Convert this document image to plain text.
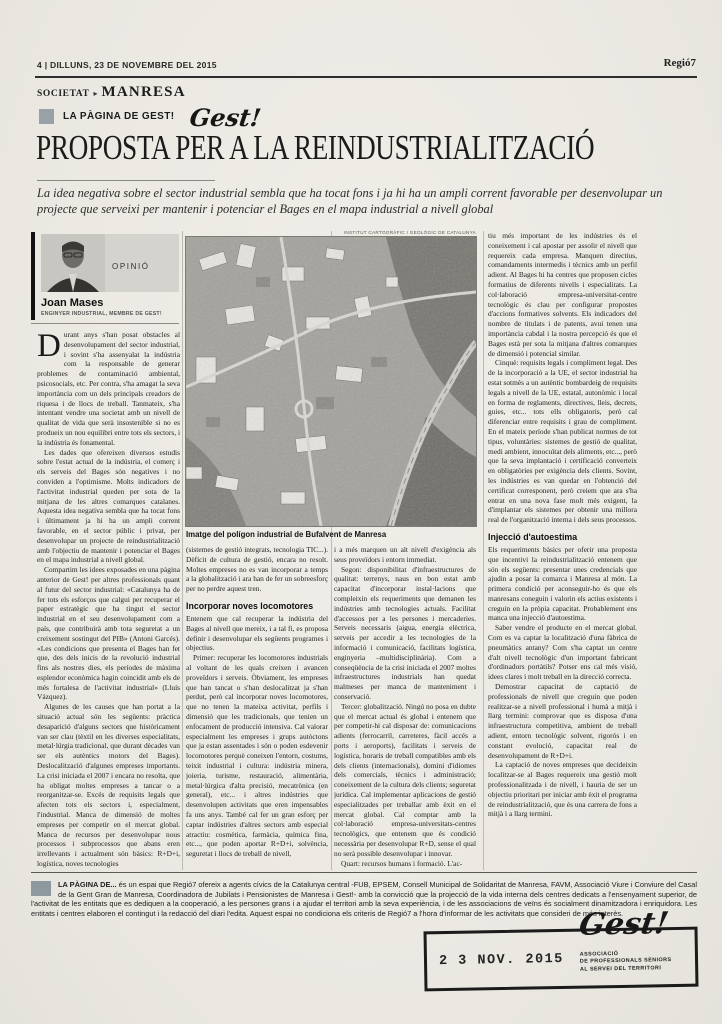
4 | DILLUNS, 23 DE NOVEMBRE DEL 2015	Regió7
SOCIETAT ▸ MANRESA
LA PÀGINA DE GEST! Gest!
PROPOSTA PER A LA REINDUSTRIALITZACIÓ
La idea negativa sobre el sector industrial sembla que ha tocat fons i ja hi ha un ampli corrent favorable per desenvolupar un projecte que serveixi per mantenir i potenciar el Bages en el mapa industrial a nivell global
OPINIÓ
Joan Mases
ENGINYER INDUSTRIAL, MEMBRE DE GEST!
INSTITUT CARTOGRÀFIC I GEOLÒGIC DE CATALUNYA
Imatge del polígon industrial de Bufalvent de Manresa

Durant anys s'han posat obstacles al desenvolupament del sector industrial, i sovint s'ha assenyalat la indústria com la responsable de generar problemes de contaminació ambiental, psicosocials, etc. Per contra, s'ha amagat la seva importància com un dels principals creadors de riquesa i de llocs de treball. Tanmateix, s'ha intentant vendre una societat amb un nivell de qualitat de vida que serà insostenible si no es produeix un nou equilibri entre tots els sectors, i la indústria és fonamental.

Les dades que ofereixen diversos estudis sobre l'estat actual de la indústria, el comerç i els serveis del Bages són negatives i no conviden a l'optimisme. Molts indicadors de l'activitat industrial queden per sota de la mitjana de les altres comarques catalanes. Aquesta idea negativa sembla que ha tocat fons i últimament ja hi ha un ampli corrent favorable, en el sector públic i privat, per desenvolupar un projecte de reindustrialització amb l'objectiu de mantenir i potenciar el Bages en el mapa industrial a nivell global.

Compartim les idees exposades en una pàgina anterior de Gest! per altres professionals quant al futur del sector industrial: «Catalunya ha de fer tots els esforços que calgui per recuperar el paper estratègic que ha tingut el sector industrial en el seu desenvolupament com a país, que contribuirà amb tota seguretat a un creixement sostingut del PIB» (Antoni Garcés). «Les condicions que presenta el Bages han fet que, des dels inicis de la revolució industrial fins als nostres dies, els períodes de màxima esplendor econòmica hagin coincidit amb els de més fortalesa de l'activitat industrial» (Lluís Vázquez).

Algunes de les causes que han portat a la situació actual són les següents: pràctica desaparició d'alguns sectors que històricament van ser clau (tèxtil en les diverses especialitats, metal·lúrgia tradicional, que durant dècades van ser els autèntics motors del Bages). Deslocalització d'algunes empreses importants. La crisi iniciada el 2007 i encara no resolta, que ha obligat moltes empreses a tancar o a reorganitzar-se. Excés de requisits legals que afecten tots els sectors i, especialment, l'industrial. Manca de dimensió de moltes empreses per competir en el mercat global. Manca de recursos per desenvolupar nous processos i subprocessos que abans eren irrellevants i actualment són bàsics: R+D+i, logística, noves tecnologies

(sistemes de gestió integrats, tecnologia TIC...). Dèficit de cultura de gestió, encara no resolt. Moltes empreses no es van incorporar a temps a la globalització i ara han de fer un sobreesforç per no perdre aquest tren.

Incorporar noves locomotores

Entenem que cal recuperar la indústria del Bages al nivell que mereix, i a tal fi, es proposa definir i desenvolupar els següents programes i objectius.

Primer: recuperar les locomotores industrials al voltant de les quals creixen i avancen proveïdors i serveis. Òbviament, les empreses que han tancat o s'han deslocalitzat ja s'han perdut, però cal incorporar noves locomotores, que no tenen la mateixa activitat, perfils i dimensió que les tradicionals, que tenien un enfocament de producció intensiva. Cal valorar especialment les empreses i grups autòctons que ja estan assentades i són o poden esdevenir locomotores perquè coneixen l'entorn, costums, teixit industrial i cultura: indústria minera, joieria, turisme, restauració, alimentària, metal·lúrgica d'alta precisió, mecatrònica (en general), etc... i altres indústries que desenvolupen activitats que eren impensables fa uns anys. També cal fer un gran esforç per captar indústries d'altres sectors amb especial atractiu: cosmètica, farmàcia, química fina, etc..., que poden aportar R+D+i, solvència, seguretat i llocs de treball de nivell,

i a més marquen un alt nivell d'exigència als seus proveïdors i entorn immediat.

Segon: disponibilitat d'infraestructures de qualitat: terrenys, naus en bon estat amb capacitat d'incorporar instal·lacions que compleixin els requeriments que demanen les indústries amb tecnologies actuals. Facilitat d'accessos per a les persones i mercaderies. Serveis necessaris (aigua, energia elèctrica, serveis per accedir a les tecnologies de la informació i comunicació, facilitats logística, enginyeria –multidisciplinària). Com a conseqüència de la crisi iniciada el 2007 moltes infraestructures industrials han quedat malmeses per manca de manteniment i conservació.

Tercer: globalització. Ningú no posa en dubte que el mercat actual és global i entenem que per competir-hi cal disposar de: comunicacions adients (ferrocarril, carreteres, fàcil accés a ports i aeroports), facilitats i serveis de logística, horaris de treball compatibles amb els dels clients (internacionals), domini d'idiomes dels comercials, tècnics i administració; coneixement de la cultura dels clients; seguretat jurídica. Cal implementar aplicacions de gestió especialitzades per treballar amb èxit en el mercat global. Cal comptar amb la col·laboració empresa-universitats-centres tecnològics, que entenem que és condició necessària per desenvolupar R+D, sense el qual no serà possible desenvolupar i innovar.

Quart: recursos humans i formació. L'ac-

tiu més important de les indústries és el coneixement i cal apostar per assolir el nivell que requereix cada empresa. Manquen directius, comandaments intermedis i tècnics amb un perfil adient. Al Bages hi ha centres que proposen cicles formatius de diferents nivells i especialitats. La col·laboració empresa-universitat-centre tecnològic és clau per configurar propostes d'accions formatives solvents. Els indicadors del nombre de titulats i de patents, avui tenen una importància cabdal i la nostra percepció és que el Bages està per sota la mitjana d'altres comarques de dimensió i potencial similar.

Cinquè: requisits legals i compliment legal. Des de la incorporació a la UE, el sector industrial ha estat sotmès a un autèntic bombardeig de requisits legals a nivell de la UE, estatal, autonòmic i local en forma de reglaments, directives, lleis, decrets, guies, etc... tots ells obligatoris, però cal diferenciar entre requisits i grau de compliment. En el mateix període s'han publicat normes de tot tipus, voluntàries: sistemes de gestió de qualitat, medi ambient, innocuïtat dels aliments, etc..., però que la seva implantació i certificació converteix en obligatòries per exigència dels clients. Sovint, les indústries es van quedar en l'obtenció del certificat corresponent, però creiem que ara s'ha entrat en una nova fase molt més exigent, la d'implantar els sistemes per obtenir una millora real de l'organització interna i dels seus processos.

Injecció d'autoestima

Els requeriments bàsics per oferir una proposta que incentivi la reindustrialització entenem que són els següents: presentar unes credencials que ajudin a posar la comarca i Manresa al món. La primera condició per aconseguir-ho és que els manresans coneguin i valorin els actius existents i creguin en la pròpia capacitat. Probablement ens manca una injecció d'autoestima.

Saber vendre el producte en el mercat global. Com es va captar la localització d'una fàbrica de pneumàtics antany? Com s'ha captat un centre d'alt nivell tecnològic d'un important fabricant d'ordinadors portàtils? Potser ens cal més visió, idees clares i molt treball en la direcció correcta.

Demostrar capacitat de captació de professionals de nivell que creguin que poden realitzar-se a nivell professional i humà a mitjà i llarg termini: comprovar que es disposa d'una infraestructura competitiva, ambient de treball adient, entorn tecnològic solvent, rigorós i en constant evolució, capacitat real de desenvolupament de R+D+i.

La captació de noves empreses que decideixin localitzar-se al Bages requereix una gestió molt professionalitzada i de nivell, i hauria de ser un objectiu prioritari per iniciar amb èxit el programa de reindustrialització, que és una carrera de fons a mitjà i a llarg termini.

LA PÀGINA DE... és un espai que Regió7 ofereix a agents cívics de la Catalunya central -FUB, EPSEM, Consell Municipal de Solidaritat de Manresa, FAVM, Associació Viure i Conviure del Casal de la Gent Gran de Manresa, Coordinadora de Jubilats i Pensionistes de Manresa i Gest!- amb la convicció que la projecció de la vida interna dels centres dedicats a l'ensenyament superior, de l'activitat de les entitats que es dediquen a la cooperació, a les persones grans i a ajudar el territori amb la seva experiència, i de les associacions de veïns és socialment dinamitzadora i enriquidora. Les entitats i centres elaboren el contingut i la redacció del diari l'edita. Aquest espai no condiciona els criteris de Regió7 a l'hora d'informar de les activitats que consideri de més interès.
2 3 NOV. 2015
Gest!
ASSOCIACIÓ
DE PROFESSIONALS SÈNIORS
AL SERVEI DEL TERRITORI
